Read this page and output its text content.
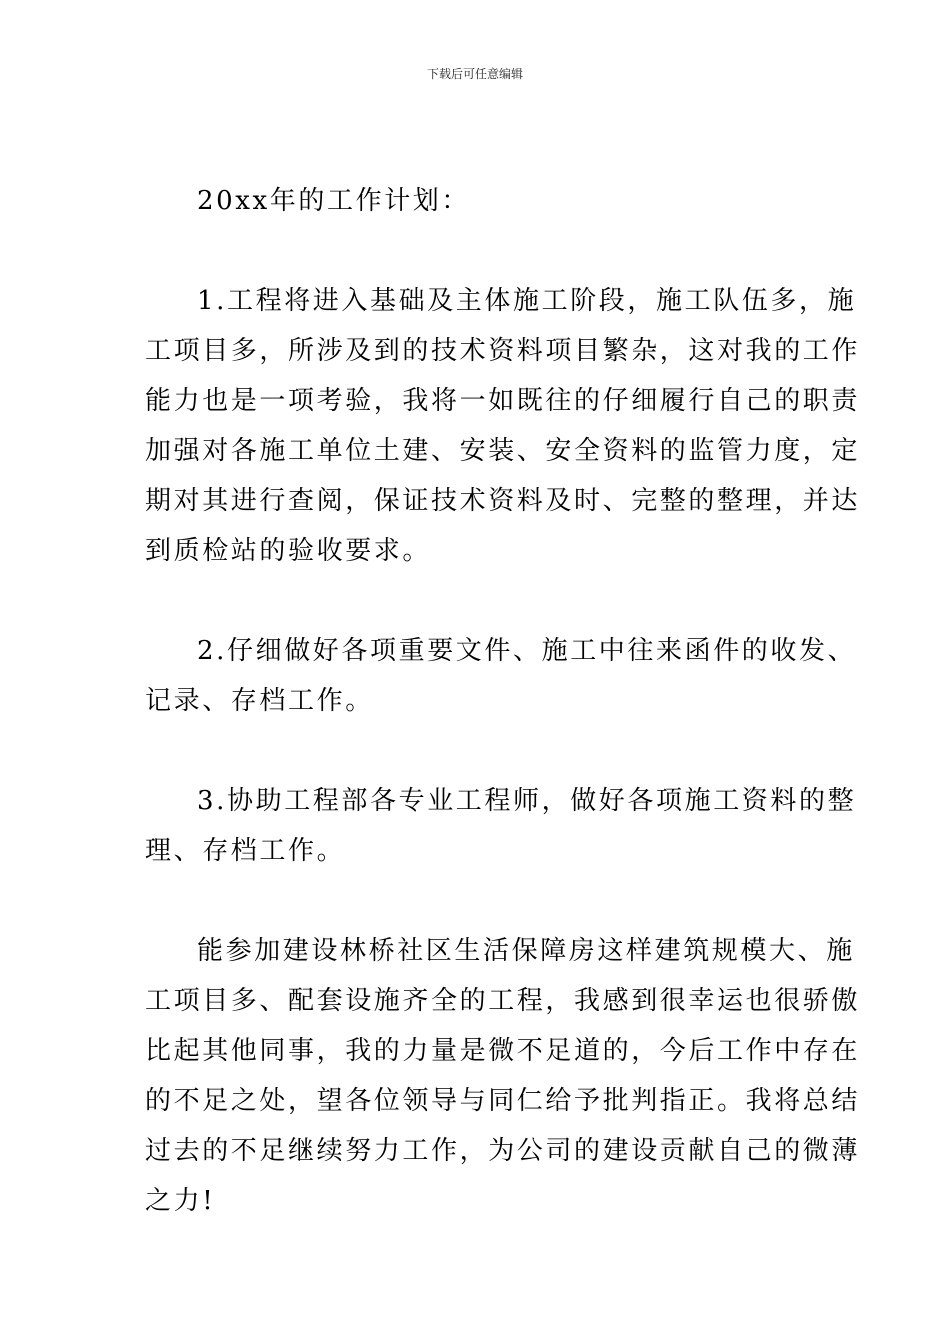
下载后可任意编辑
20xx年的工作计划：
1.工程将进入基础及主体施工阶段，施工队伍多，施
工项目多，所涉及到的技术资料项目繁杂，这对我的工作
能力也是一项考验，我将一如既往的仔细履行自己的职责
加强对各施工单位土建、安装、安全资料的监管力度，定
期对其进行查阅，保证技术资料及时、完整的整理，并达
到质检站的验收要求。
2.仔细做好各项重要文件、施工中往来函件的收发、
记录、存档工作。
3.协助工程部各专业工程师，做好各项施工资料的整
理、存档工作。
能参加建设林桥社区生活保障房这样建筑规模大、施
工项目多、配套设施齐全的工程，我感到很幸运也很骄傲
比起其他同事，我的力量是微不足道的，今后工作中存在
的不足之处，望各位领导与同仁给予批判指正。我将总结
过去的不足继续努力工作，为公司的建设贡献自己的微薄
之力!
